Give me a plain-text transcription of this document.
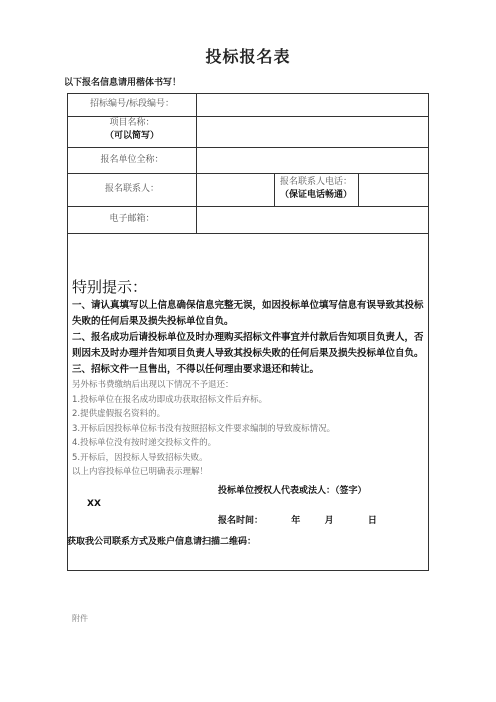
投标报名表
以下报名信息请用楷体书写！
招标编号/标段编号：
项目名称：
（可以简写）
报名单位全称：
报名联系人：
报名联系人电话：
（保证电话畅通）
电子邮箱：
特别提示：

一、请认真填写以上信息确保信息完整无误，如因投标单位填写信息有误导致其投标失败的任何后果及损失投标单位自负。

二、报名成功后请投标单位及时办理购买招标文件事宜并付款后告知项目负责人，否则因未及时办理并告知项目负责人导致其投标失败的任何后果及损失投标单位自负。

三、招标文件一旦售出，不得以任何理由要求退还和转让。

另外标书费缴纳后出现以下情况不予退还：

1.投标单位在报名成功即成功获取招标文件后弃标。

2.提供虚假报名资料的。

3.开标后因投标单位标书没有按照招标文件要求编制的导致废标情况。

4.投标单位没有按时递交投标文件的。

5.开标后，因投标人导致招标失败。

以上内容投标单位已明确表示理解！

投标单位授权人代表或法人：（签字）
XX
报名时间：	年	月	日
获取我公司联系方式及账户信息请扫描二维码：
附件
